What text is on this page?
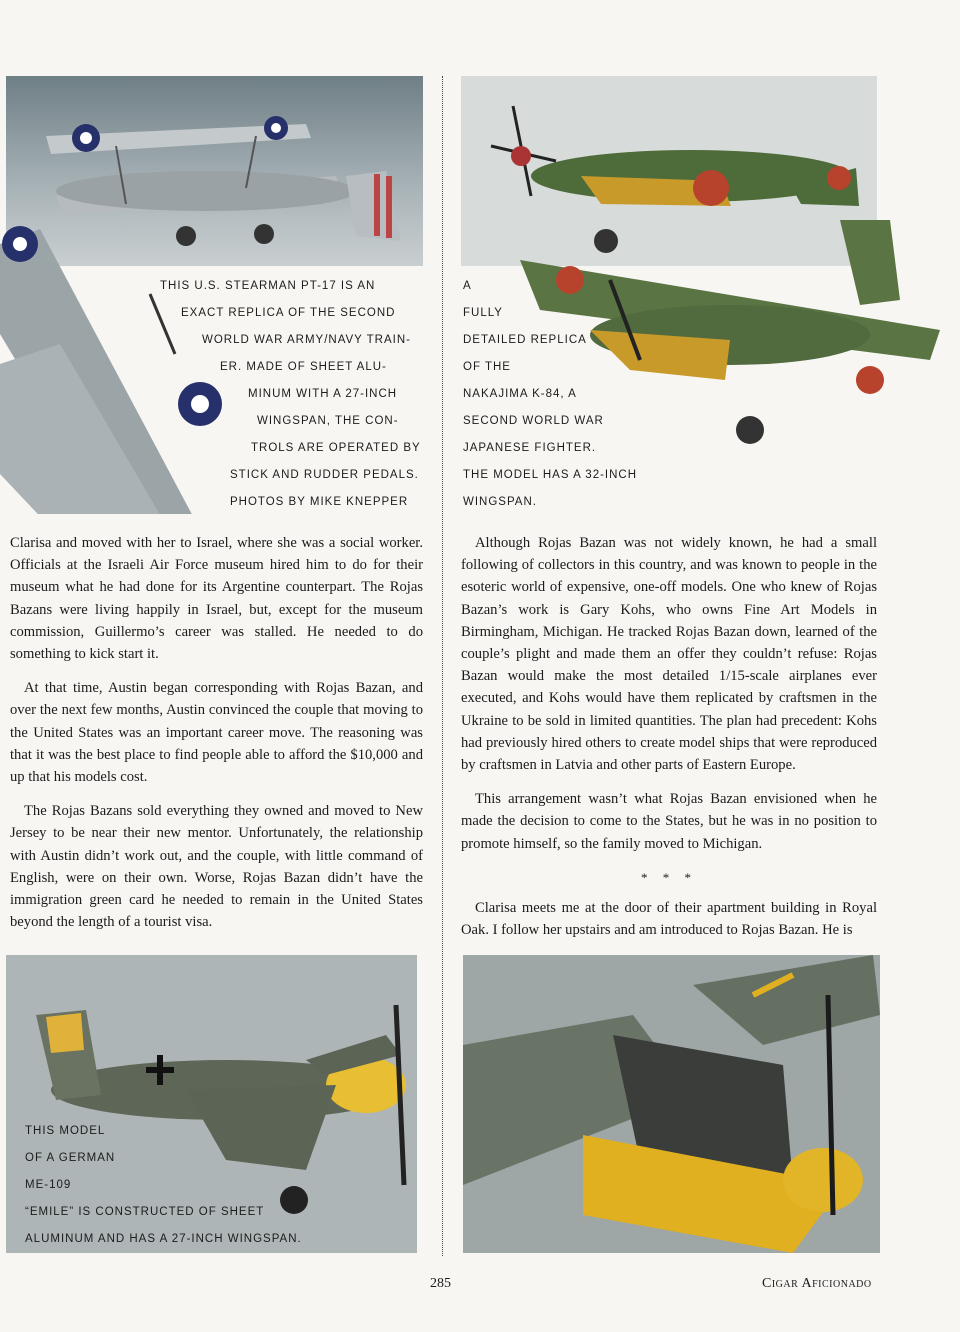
THIS U.S. STEARMAN PT-17 IS AN
EXACT REPLICA OF THE SECOND
WORLD WAR ARMY/NAVY TRAIN-
ER. MADE OF SHEET ALU-
MINUM WITH A 27-INCH
WINGSPAN, THE CON-
TROLS ARE OPERATED BY
STICK AND RUDDER PEDALS.
PHOTOS BY MIKE KNEPPER
A
FULLY
DETAILED REPLICA
OF THE
NAKAJIMA K-84, A
SECOND WORLD WAR
JAPANESE FIGHTER.
THE MODEL HAS A 32-INCH
WINGSPAN.

Clarisa and moved with her to Israel, where she was a social worker. Officials at the Israeli Air Force museum hired him to do for their museum what he had done for its Argentine counterpart. The Rojas Bazans were living happily in Israel, but, except for the museum commission, Guillermo’s career was stalled. He needed to do something to kick start it.

At that time, Austin began corresponding with Rojas Bazan, and over the next few months, Austin convinced the couple that moving to the United States was an important career move. The reasoning was that it was the best place to find people able to afford the $10,000 and up that his models cost.

The Rojas Bazans sold everything they owned and moved to New Jersey to be near their new mentor. Unfortunately, the relationship with Austin didn’t work out, and the couple, with little command of English, were on their own. Worse, Rojas Bazan didn’t have the immigration green card he needed to remain in the United States beyond the length of a tourist visa.

Although Rojas Bazan was not widely known, he had a small following of collectors in this country, and was known to people in the esoteric world of expensive, one-off models. One who knew of Rojas Bazan’s work is Gary Kohs, who owns Fine Art Models in Birmingham, Michigan. He tracked Rojas Bazan down, learned of the couple’s plight and made them an offer they couldn’t refuse: Rojas Bazan would make the most detailed 1/15-scale airplanes ever executed, and Kohs would have them replicated by craftsmen in the Ukraine to be sold in limited quantities. The plan had precedent: Kohs had previously hired others to create model ships that were reproduced by craftsmen in Latvia and other parts of Eastern Europe.

This arrangement wasn’t what Rojas Bazan envisioned when he made the decision to come to the States, but he was in no position to promote himself, so the family moved to Michigan.

* * *

Clarisa meets me at the door of their apartment building in Royal Oak. I follow her upstairs and am introduced to Rojas Bazan. He is

THIS MODEL
OF A GERMAN
ME-109
“EMILE” IS CONSTRUCTED OF SHEET
ALUMINUM AND HAS A 27-INCH WINGSPAN.
285	Cigar Aficionado
